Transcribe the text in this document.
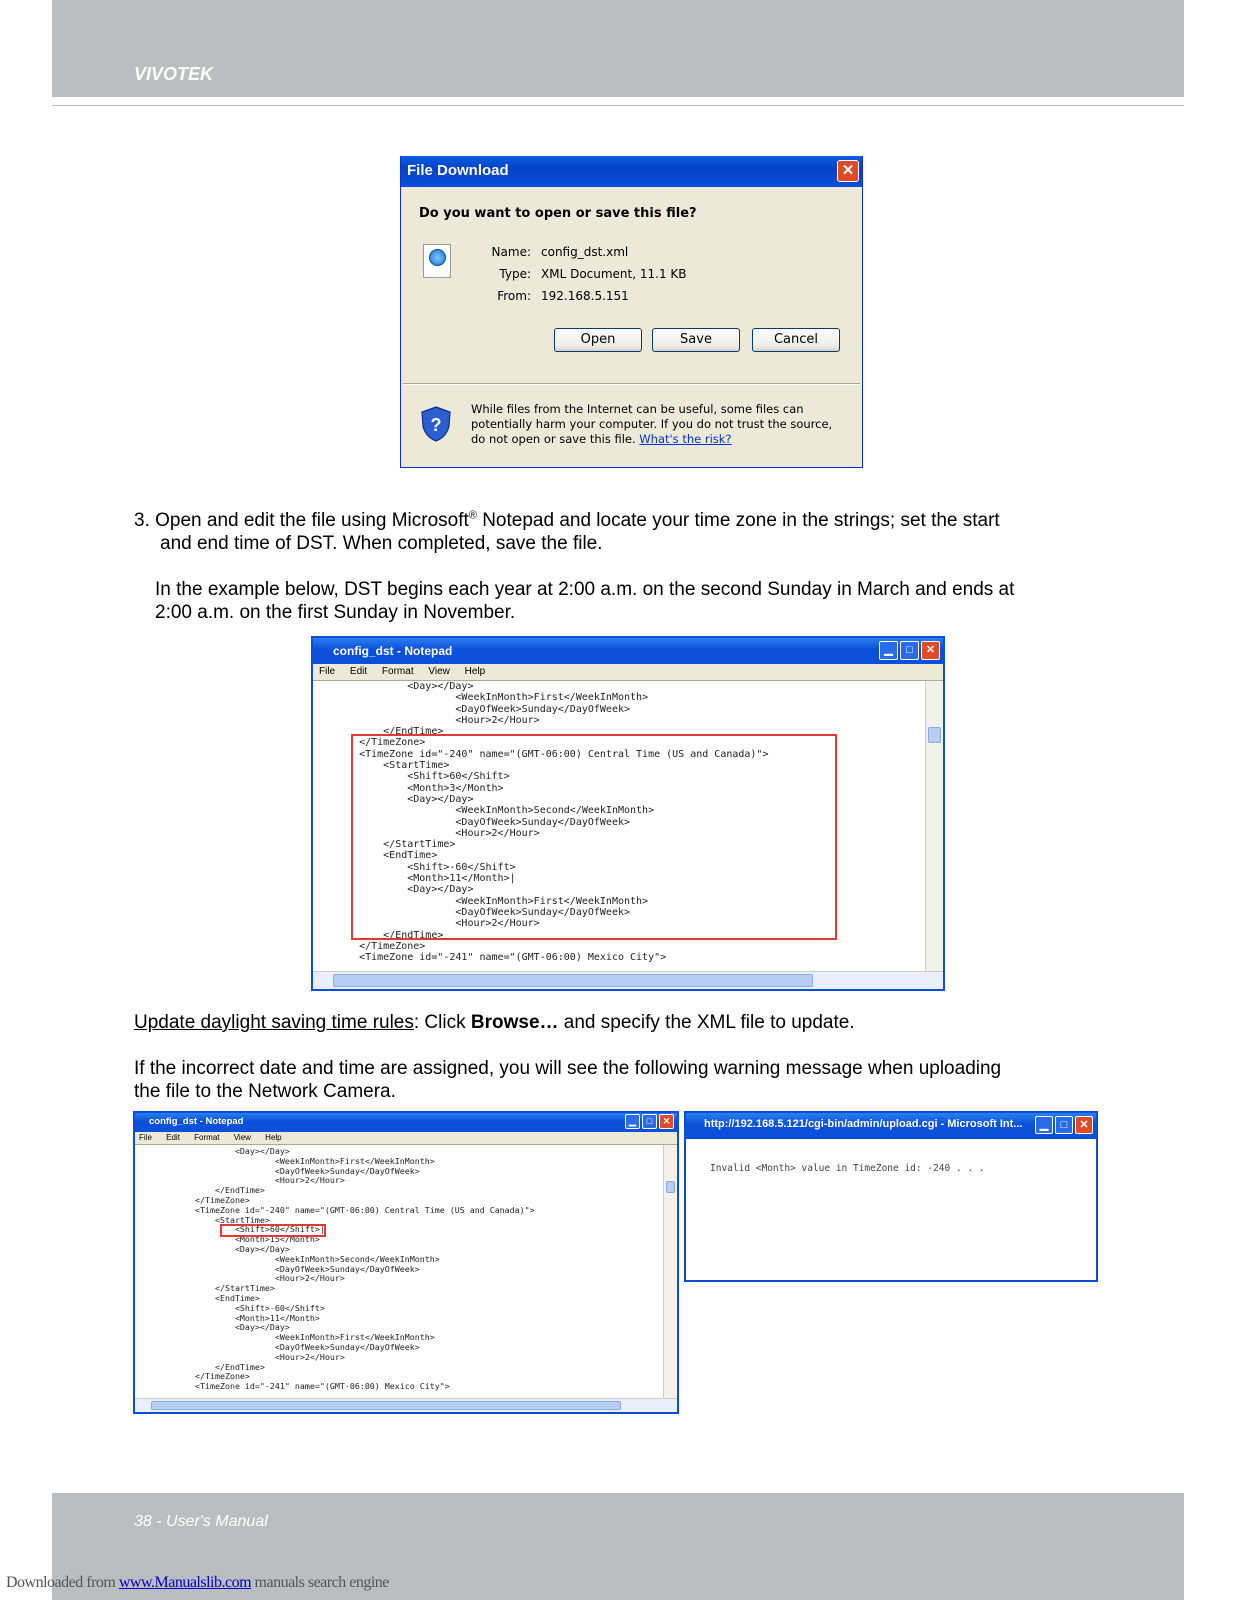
VIVOTEK
File Download	✕
Do you want to open or save this file?
Name: config_dst.xml
Type: XML Document, 11.1 KB
From: 192.168.5.151
Open	Save	Cancel
?
While files from the Internet can be useful, some files can potentially harm your computer. If you do not trust the source, do not open or save this file. What's the risk?
3. Open and edit the file using Microsoft® Notepad and locate your time zone in the strings; set the start
and end time of DST. When completed, save the file.
In the example below, DST begins each year at 2:00 a.m. on the second Sunday in March and ends at
2:00 a.m. on the first Sunday in November.
config_dst - Notepad	▁	□	✕
File Edit Format View Help
<Day></Day>
<WeekInMonth>First</WeekInMonth>
<DayOfWeek>Sunday</DayOfWeek>
<Hour>2</Hour>
</EndTime>
</TimeZone>
<TimeZone id="-240" name="(GMT-06:00) Central Time (US and Canada)">
<StartTime>
<Shift>60</Shift>
<Month>3</Month>
<Day></Day>
<WeekInMonth>Second</WeekInMonth>
<DayOfWeek>Sunday</DayOfWeek>
<Hour>2</Hour>
</StartTime>
<EndTime>
<Shift>-60</Shift>
<Month>11</Month>|
<Day></Day>
<WeekInMonth>First</WeekInMonth>
<DayOfWeek>Sunday</DayOfWeek>
<Hour>2</Hour>
</EndTime>
</TimeZone>
<TimeZone id="-241" name="(GMT-06:00) Mexico City">
Update daylight saving time rules: Click Browse… and specify the XML file to update.
If the incorrect date and time are assigned, you will see the following warning message when uploading
the file to the Network Camera.
config_dst - Notepad	▁	□	✕
File Edit Format View Help
<Day></Day>
<WeekInMonth>First</WeekInMonth>
<DayOfWeek>Sunday</DayOfWeek>
<Hour>2</Hour>
</EndTime>
</TimeZone>
<TimeZone id="-240" name="(GMT-06:00) Central Time (US and Canada)">
<StartTime>
<Shift>60</Shift>|
<Month>15</Month>
<Day></Day>
<WeekInMonth>Second</WeekInMonth>
<DayOfWeek>Sunday</DayOfWeek>
<Hour>2</Hour>
</StartTime>
<EndTime>
<Shift>-60</Shift>
<Month>11</Month>
<Day></Day>
<WeekInMonth>First</WeekInMonth>
<DayOfWeek>Sunday</DayOfWeek>
<Hour>2</Hour>
</EndTime>
</TimeZone>
<TimeZone id="-241" name="(GMT-06:00) Mexico City">
http://192.168.5.121/cgi-bin/admin/upload.cgi - Microsoft Int...	▁	□	✕
Invalid <Month> value in TimeZone id: -240 . . .
38 - User's Manual
Downloaded from www.Manualslib.com manuals search engine
